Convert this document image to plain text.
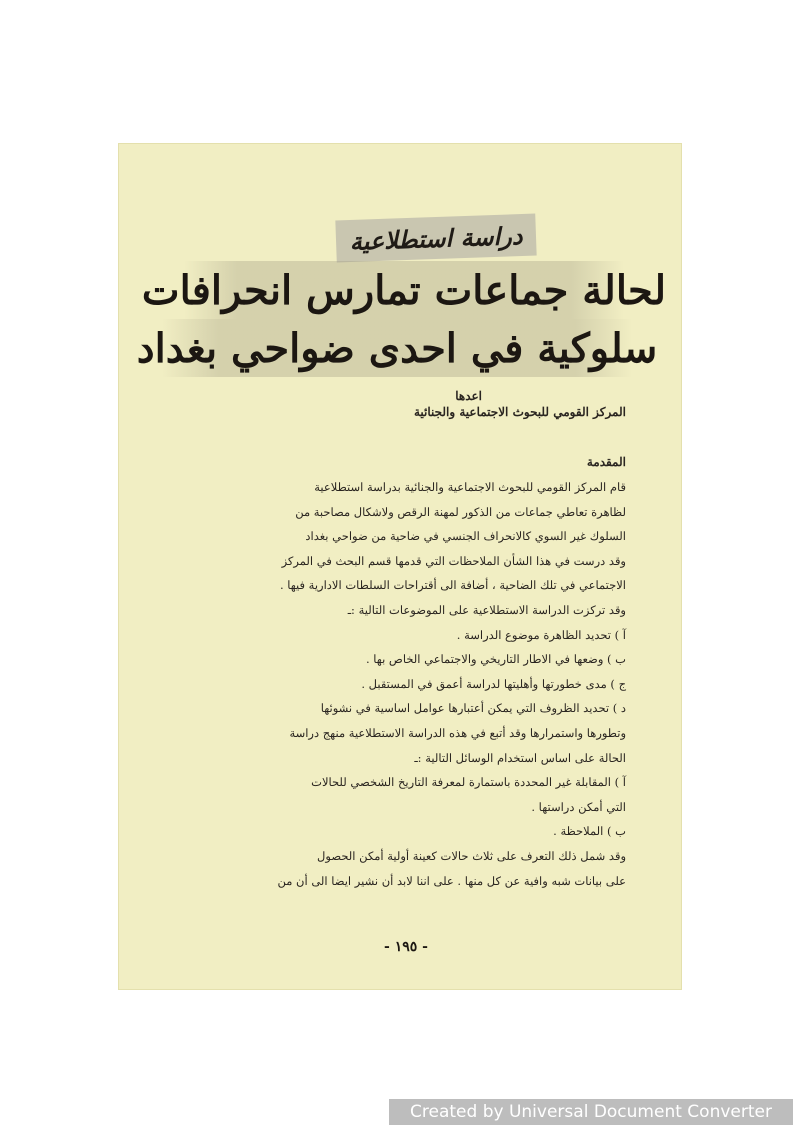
دراسة استطلاعية
لحالة جماعات تمارس انحرافات
سلوكية في احدى ضواحي بغداد
اعدها
المركز القومي للبحوث الاجتماعية والجنائية
المقدمة

قام المركز القومي للبحوث الاجتماعية والجنائية بدراسة استطلاعية

لظاهرة تعاطي جماعات من الذكور لمهنة الرقص ولاشكال مصاحبة من

السلوك غير السوي كالانحراف الجنسي في ضاحية من ضواحي بغداد

وقد درست في هذا الشأن الملاحظات التي قدمها قسم البحث في المركز

الاجتماعي في تلك الضاحية ، أضافة الى أقتراحات السلطات الادارية فيها .

وقد تركزت الدراسة الاستطلاعية على الموضوعات التالية :ـ

آ ) تحديد الظاهرة موضوع الدراسة .

ب ) وضعها في الاطار التاريخي والاجتماعي الخاص بها .

ج ) مدى خطورتها وأهليتها لدراسة أعمق في المستقبل .

د ) تحديد الظروف التي يمكن أعتبارها عوامل اساسية في نشوئها

وتطورها واستمرارها وقد أتبع في هذه الدراسة الاستطلاعية منهج دراسة

الحالة على اساس استخدام الوسائل التالية :ـ

آ ) المقابلة غير المحددة باستمارة لمعرفة التاريخ الشخصي للحالات

التي أمكن دراستها .

ب ) الملاحظة .

وقد شمل ذلك التعرف على ثلاث حالات كعينة أولية أمكن الحصول

على بيانات شبه وافية عن كل منها . على اننا لابد أن نشير ايضا الى أن من

- ١٩٥ -
Created by Universal Document Converter
